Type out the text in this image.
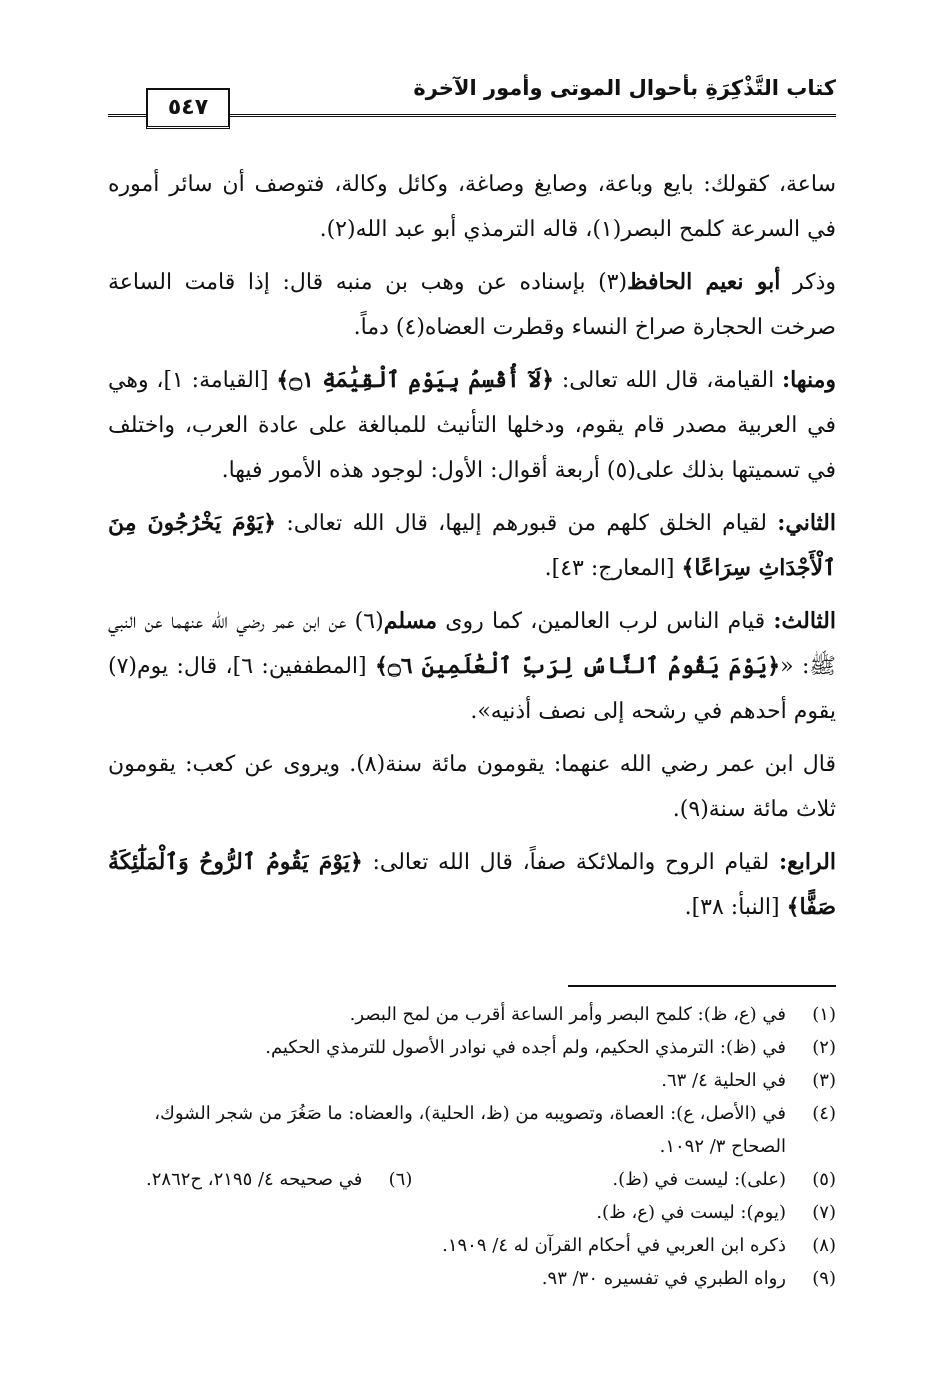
كتاب التَّذْكِرَةِ بأحوال الموتى وأمور الآخرة
٥٤٧

ساعة، كقولك: بايع وباعة، وصايغ وصاغة، وكائل وكالة، فتوصف أن سائر أموره في السرعة كلمح البصر(١)، قاله الترمذي أبو عبد الله(٢).

وذكر أبو نعيم الحافظ(٣) بإسناده عن وهب بن منبه قال: إذا قامت الساعة صرخت الحجارة صراخ النساء وقطرت العضاه(٤) دماً.

ومنها: القيامة، قال الله تعالى: ﴿لَآ أُقْسِمُ بِيَوْمِ ٱلْقِيَٰمَةِ ۝١﴾ [القيامة: ١]، وهي في العربية مصدر قام يقوم، ودخلها التأنيث للمبالغة على عادة العرب، واختلف في تسميتها بذلك على(٥) أربعة أقوال: الأول: لوجود هذه الأمور فيها.

الثاني: لقيام الخلق كلهم من قبورهم إليها، قال الله تعالى: ﴿يَوْمَ يَخْرُجُونَ مِنَ ٱلْأَجْدَاثِ سِرَاعًا﴾ [المعارج: ٤٣].

الثالث: قيام الناس لرب العالمين، كما روى مسلم(٦) عن ابن عمر رضي الله عنهما عن النبي ﷺ: «﴿يَوْمَ يَقُومُ ٱلنَّاسُ لِرَبِّ ٱلْعَٰلَمِينَ ۝٦﴾ [المطففين: ٦]، قال: يوم(٧) يقوم أحدهم في رشحه إلى نصف أذنيه».

قال ابن عمر رضي الله عنهما: يقومون مائة سنة(٨). ويروى عن كعب: يقومون ثلاث مائة سنة(٩).

الرابع: لقيام الروح والملائكة صفاً، قال الله تعالى: ﴿يَوْمَ يَقُومُ ٱلرُّوحُ وَٱلْمَلَٰٓئِكَةُ صَفًّا﴾ [النبأ: ٣٨].

(١)
في (ع، ظ): كلمح البصر وأمر الساعة أقرب من لمح البصر.
(٢)
في (ظ): الترمذي الحكيم، ولم أجده في نوادر الأصول للترمذي الحكيم.
(٣)
في الحلية ٤/ ٦٣.
(٤)
في (الأصل، ع): العصاة، وتصويبه من (ظ، الحلية)، والعضاه: ما صَغُرَ من شجر الشوك، الصحاح ٣/ ١٠٩٢.
(٥)
(على): ليست في (ظ).
(٦)
في صحيحه ٤/ ٢١٩٥، ح٢٨٦٢.
(٧)
(يوم): ليست في (ع، ظ).
(٨)
ذكره ابن العربي في أحكام القرآن له ٤/ ١٩٠٩.
(٩)
رواه الطبري في تفسيره ٣٠/ ٩٣.
